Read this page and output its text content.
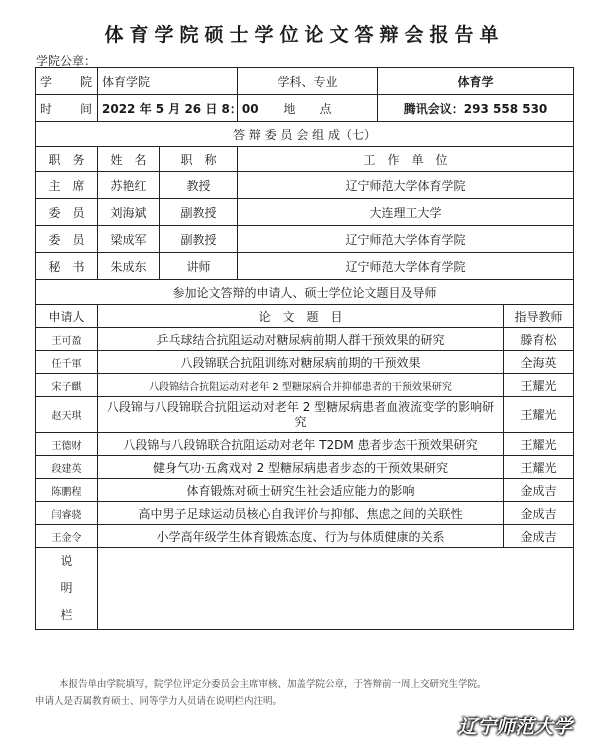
体育学院硕士学位论文答辩会报告单
学院公章：
学　院	体育学院		学科、专业	体育学	
时　间	2022 年 5 月 26 日 8：00		地　　点	腾讯会议：293 558 530	
答 辩 委 员 会 组 成（七）					
职　务	姓　名	职　称	工　作　单　位		
主　席	苏艳红	教授	辽宁师范大学体育学院		
委　员	刘海斌	副教授	大连理工大学		
委　员	梁成军	副教授	辽宁师范大学体育学院		
秘　书	朱成东	讲师	辽宁师范大学体育学院		
参加论文答辩的申请人、硕士学位论文题目及导师					
申请人	论　文　题　目				指导教师
王可盈	乒乓球结合抗阻运动对糖尿病前期人群干预效果的研究				滕育松
任千軍	八段锦联合抗阻训练对糖尿病前期的干预效果				全海英
宋子麒	八段锦结合抗阻运动对老年 2 型糖尿病合并抑郁患者的干预效果研究				王耀光
赵天琪	八段锦与八段锦联合抗阻运动对老年 2 型糖尿病患者血液流变学的影响研究				王耀光
王德财	八段锦与八段锦联合抗阻运动对老年 T2DM 患者步态干预效果研究				王耀光
段建英	健身气功·五禽戏对 2 型糖尿病患者步态的干预效果研究				王耀光
陈鹏程	体育锻炼对硕士研究生社会适应能力的影响				金成吉
闫睿骁	高中男子足球运动员核心自我评价与抑郁、焦虑之间的关联性				金成吉
王金令	小学高年级学生体育锻炼态度、行为与体质健康的关系				金成吉

说
明
栏					

本报告单由学院填写，院学位评定分委员会主席审核、加盖学院公章，于答辩前一周上交研究生学院。
申请人是否属教育硕士、同等学力人员请在说明栏内注明。
辽宁师范大学
